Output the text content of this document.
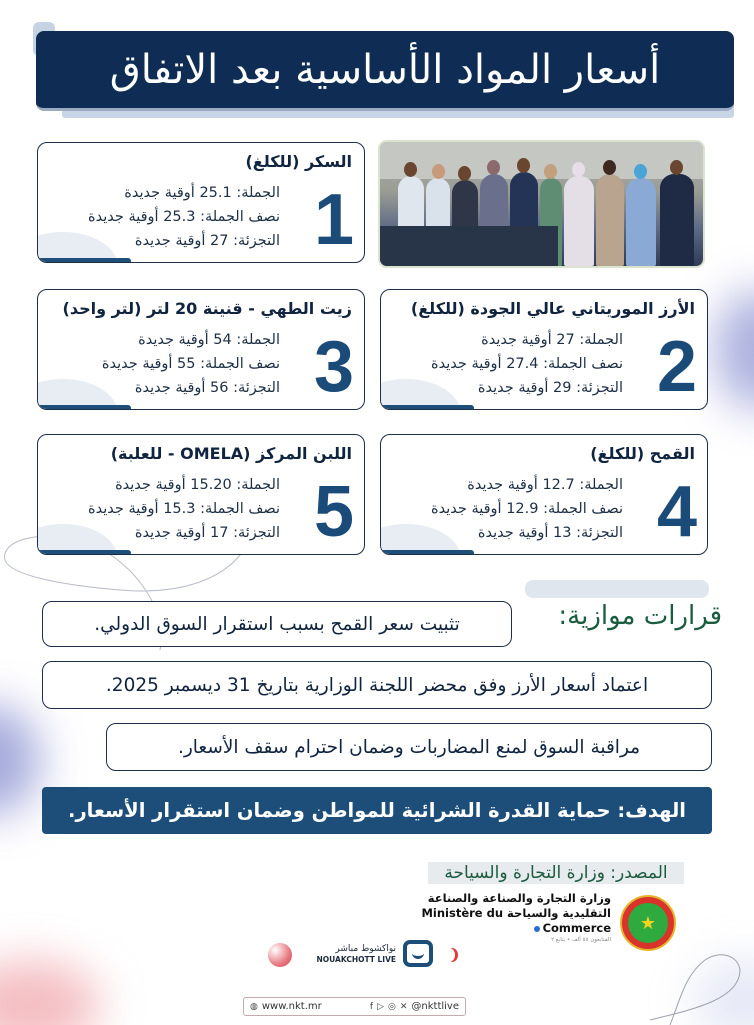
أسعار المواد الأساسية بعد الاتفاق
السكر (للكلغ)
1
الجملة: 25.1 أوقية جديدة
نصف الجملة: 25.3 أوقية جديدة
التجزئة: 27 أوقية جديدة
زيت الطهي - قنينة 20 لتر (لتر واحد)
3
الجملة: 54 أوقية جديدة
نصف الجملة: 55 أوقية جديدة
التجزئة: 56 أوقية جديدة
الأرز الموريتاني عالي الجودة (للكلغ)
2
الجملة: 27 أوقية جديدة
نصف الجملة: 27.4 أوقية جديدة
التجزئة: 29 أوقية جديدة
اللبن المركز (OMELA - للعلبة)
5
الجملة: 15.20 أوقية جديدة
نصف الجملة: 15.3 أوقية جديدة
التجزئة: 17 أوقية جديدة
القمح (للكلغ)
4
الجملة: 12.7 أوقية جديدة
نصف الجملة: 12.9 أوقية جديدة
التجزئة: 13 أوقية جديدة
قرارات موازية:
تثبيت سعر القمح بسبب استقرار السوق الدولي.
اعتماد أسعار الأرز وفق محضر اللجنة الوزارية بتاريخ 31 ديسمبر 2025.
مراقبة السوق لمنع المضاربات وضمان احترام سقف الأسعار.
الهدف: حماية القدرة الشرائية للمواطن وضمان استقرار الأسعار.
المصدر: وزارة التجارة والسياحة
وزارة التجارة والصناعة والصناعة
التقليدية والسياحة Ministère du
Commerce
المتابعون ٥٥ ألف • يتابع ٢
★
نواكشوط مباشر
NOUAKCHOTT LIVE
◍ www.nkt.mr	f ▷ ◎ ✕ @nkttlive
